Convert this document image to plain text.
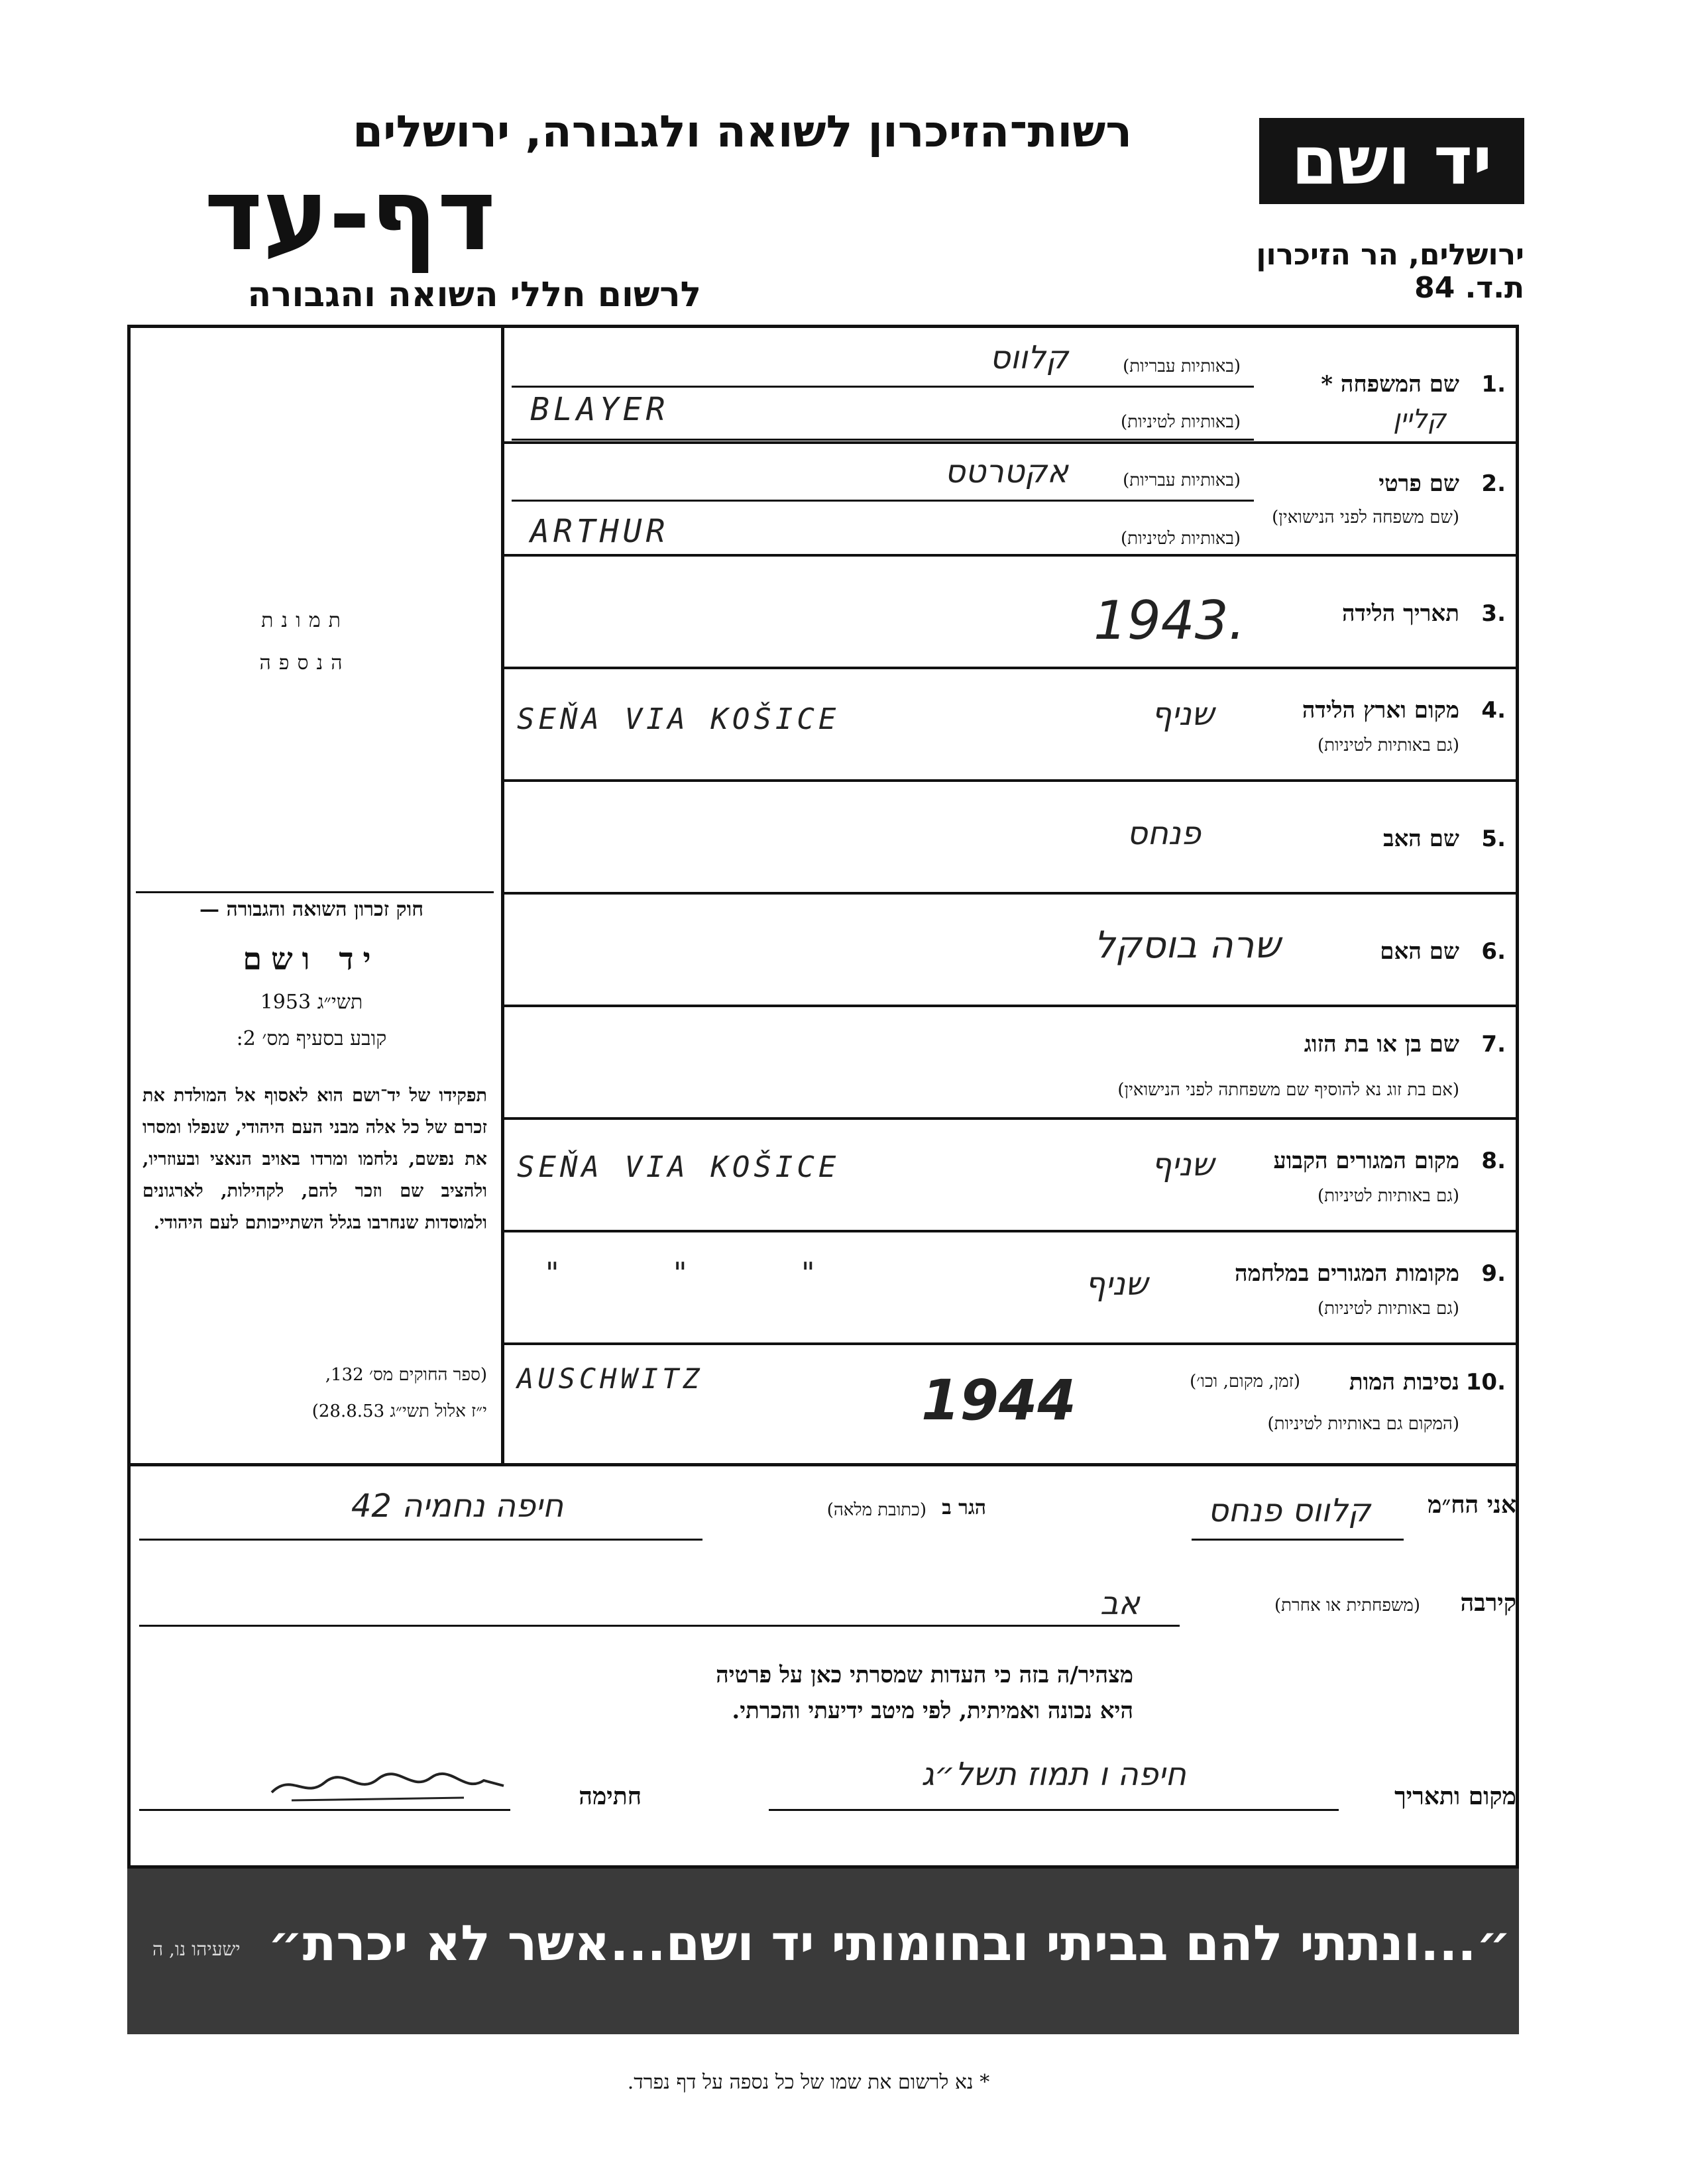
יד ושם
ירושלים, הר הזיכרון
ת.ד. 84
רשות־הזיכרון לשואה ולגבורה, ירושלים
דף-עד
לרשום חללי השואה והגבורה
תמונת
הנספה
חוק זכרון השואה והגבורה —
יד ושם
תשי״ג 1953
קובע בסעיף מס׳ 2:
תפקידו של יד־ושם הוא לאסוף אל המולדת את זכרם של כל אלה מבני העם היהודי, שנפלו ומסרו את נפשם, נלחמו ומרדו באויב הנאצי ובעוזריו, ולהציב שם וזכר להם, לקהילות, לארגונים ולמוסדות שנחרבו בגלל השתייכותם לעם היהודי.
(ספר החוקים מס׳ 132,
י״ז אלול תשי״ג 28.8.53)
1.
שם המשפחה *
(באותיות עבריות)
(באותיות לטיניות)
קלווס
BLAYER	קליין
2.
שם פרטי
(שם משפחה לפני הנישואין)
(באותיות עבריות)
(באותיות לטיניות)
אקטרטס
ARTHUR
3.
תאריך הלידה
1943.
4.
מקום וארץ הלידה
(גם באותיות לטיניות)
שניף
SEŇA VIA KOŠICE
5.
שם האב
פנחס
6.
שם האם
שרה בוסקל
7.
שם בן או בת הזוג
(אם בת זוג נא להוסיף שם משפחתה לפני הנישואין)
8.
מקום המגורים הקבוע
(גם באותיות לטיניות)
שניף
SEŇA VIA KOŠICE
9.
מקומות המגורים במלחמה
(גם באותיות לטיניות)
שניף
" " "
10.
נסיבות המות
(זמן, מקום, וכו׳)
(המקום גם באותיות לטיניות)
1944
AUSCHWITZ
אני הח״מ
קלווס פנחס
הגר ב
(כתובת מלאה)
חיפה נחמיה 42
קירבה
(משפחתית או אחרת)
אב
מצהיר/ה בזה כי העדות שמסרתי כאן על פרטיה
היא נכונה ואמיתית, לפי מיטב ידיעתי והכרתי.
מקום ותאריך
חיפה ו תמוז תשל״ג
חתימה
״...ונתתי להם בביתי ובחומותי יד ושם...אשר לא יכרת״
ישעיהו נו, ה
* נא לרשום את שמו של כל נספה על דף נפרד.
